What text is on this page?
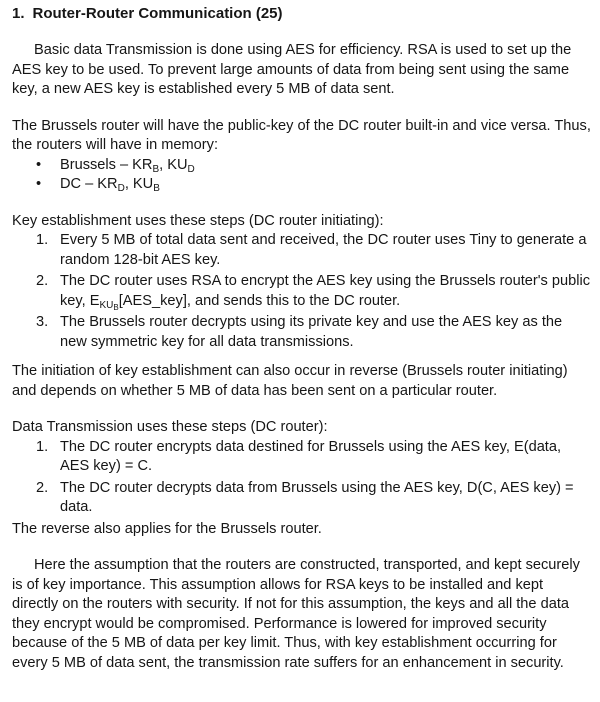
1. Router-Router Communication (25)

Basic data Transmission is done using AES for efficiency. RSA is used to set up the AES key to be used. To prevent large amounts of data from being sent using the same key, a new AES key is established every 5 MB of data sent.

The Brussels router will have the public-key of the DC router built-in and vice versa. Thus, the routers will have in memory:

• Brussels – $KR_B$, $KU_D$
• DC – $KR_D$, $KU_B$

Key establishment uses these steps (DC router initiating):

1. Every 5 MB of total data sent and received, the DC router uses Tiny to generate a random 128-bit AES key.
2. The DC router uses RSA to encrypt the AES key using the Brussels router's public key, $E_{KU_B}[AES\_key]$, and sends this to the DC router.
3. The Brussels router decrypts using its private key and use the AES key as the new symmetric key for all data transmissions.

The initiation of key establishment can also occur in reverse (Brussels router initiating) and depends on whether 5 MB of data has been sent on a particular router.

Data Transmission uses these steps (DC router):

1. The DC router encrypts data destined for Brussels using the AES key, E(data, AES key) = C.
2. The DC router decrypts data from Brussels using the AES key, D(C, AES key) = data.

The reverse also applies for the Brussels router.

Here the assumption that the routers are constructed, transported, and kept securely is of key importance. This assumption allows for RSA keys to be installed and kept directly on the routers with security. If not for this assumption, the keys and all the data they encrypt would be compromised. Performance is lowered for improved security because of the 5 MB of data per key limit. Thus, with key establishment occurring for every 5 MB of data sent, the transmission rate suffers for an enhancement in security.
